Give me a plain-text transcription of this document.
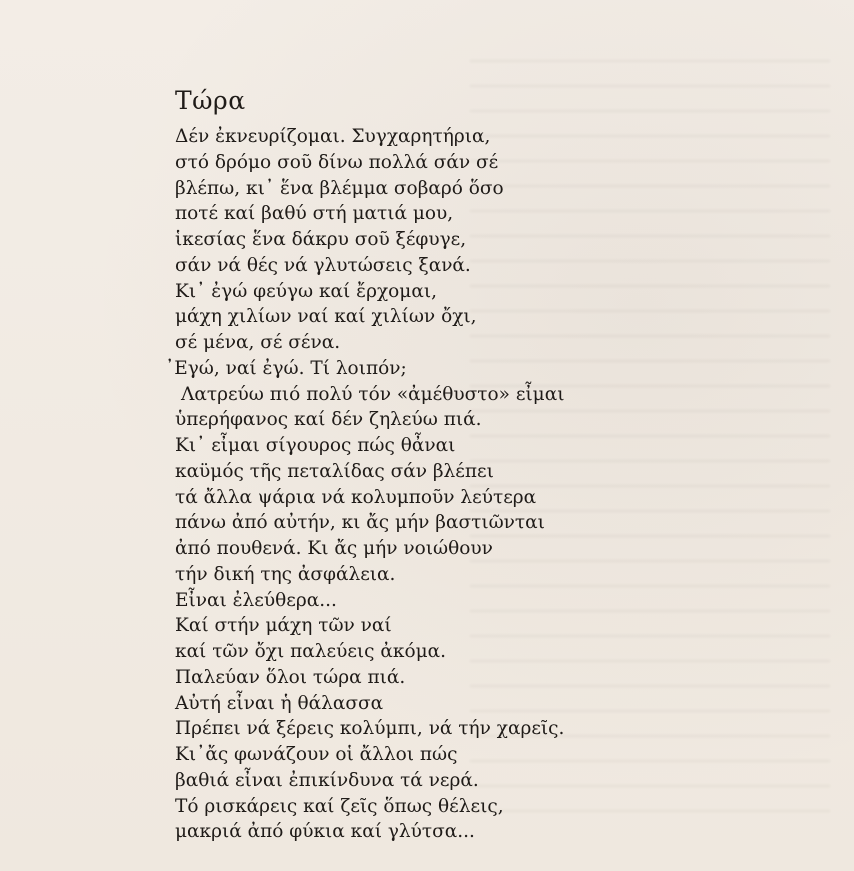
Τώρα
Δέν ἐκνευρίζομαι. Συγχαρητήρια,
στό δρόμο σοῦ δίνω πολλά σάν σέ
βλέπω, κι᾽ ἕνα βλέμμα σοβαρό ὅσο
ποτέ καί βαθύ στή ματιά μου,
ἱκεσίας ἕνα δάκρυ σοῦ ξέφυγε,
σάν νά θές νά γλυτώσεις ξανά.
Κι᾽ ἐγώ φεύγω καί ἔρχομαι,
μάχη χιλίων ναί καί χιλίων ὄχι,
σέ μένα, σέ σένα.
᾽Εγώ, ναί ἐγώ. Τί λοιπόν;
Λατρεύω πιό πολύ τόν «ἀμέθυστο» εἶμαι
ὑπερήφανος καί δέν ζηλεύω πιά.
Κι᾽ εἶμαι σίγουρος πώς θἆναι
καϋμός τῆς πεταλίδας σάν βλέπει
τά ἄλλα ψάρια νά κολυμποῦν λεύτερα
πάνω ἀπό αὐτήν, κι ἄς μήν βαστιῶνται
ἀπό πουθενά. Κι ἄς μήν νοιώθουν
τήν δική της ἀσφάλεια.
Εἶναι ἐλεύθερα...
Καί στήν μάχη τῶν ναί
καί τῶν ὄχι παλεύεις ἀκόμα.
Παλεύαν ὅλοι τώρα πιά.
Αὐτή εἶναι ἡ θάλασσα
Πρέπει νά ξέρεις κολύμπι, νά τήν χαρεῖς.
Κι᾽ἄς φωνάζουν οἱ ἄλλοι πώς
βαθιά εἶναι ἐπικίνδυνα τά νερά.
Τό ρισκάρεις καί ζεῖς ὅπως θέλεις,
μακριά ἀπό φύκια καί γλύτσα...
